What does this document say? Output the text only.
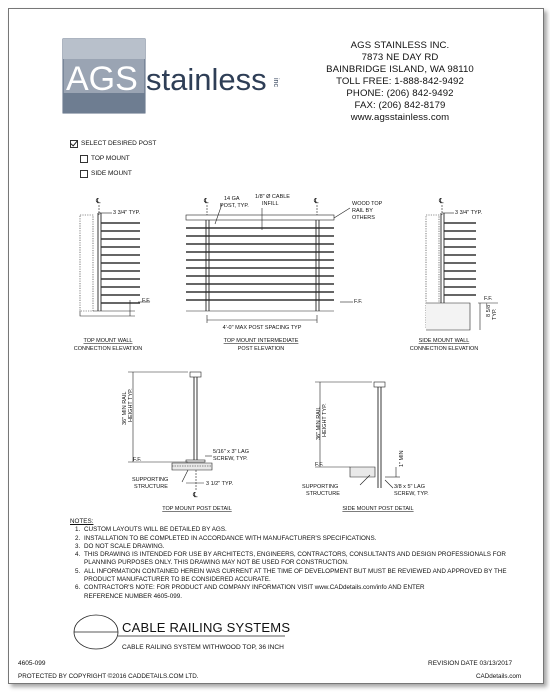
AGS stainless inc
AGS STAINLESS INC.
7873 NE DAY RD
BAINBRIDGE ISLAND, WA 98110
TOLL FREE: 1-888-842-9492
PHONE: (206) 842-9492
FAX: (206) 842-8179
www.agsstainless.com
SELECT DESIRED POST
TOP MOUNT
SIDE MOUNT
℄
3 3/4" TYP.
F.F.
TOP MOUNT WALL
CONNECTION ELEVATION
℄	℄
14 GA
POST, TYP.
1/8" Ø CABLE
INFILL	WOOD TOP
RAIL BY
OTHERS
F.F.
4'-0" MAX POST SPACING TYP
TOP MOUNT INTERMEDIATE
POST ELEVATION
℄
3 3/4" TYP.
F.F.
8 5/8" TYP.
SIDE MOUNT WALL
CONNECTION ELEVATION
36" MIN RAIL HEIGHT TYP.
5/16" x 3" LAG
SCREW, TYP.
F.F.
SUPPORTING
STRUCTURE	3 1/2" TYP.
℄
TOP MOUNT POST DETAIL
36" MIN RAIL HEIGHT TYP.
1" MIN
F.F.
SUPPORTING
STRUCTURE
3/8 x 5" LAG
SCREW, TYP.
SIDE MOUNT POST DETAIL
NOTES:
1. CUSTOM LAYOUTS WILL BE DETAILED BY AGS.
2. INSTALLATION TO BE COMPLETED IN ACCORDANCE WITH MANUFACTURER'S SPECIFICATIONS.
3. DO NOT SCALE DRAWING.
4. THIS DRAWING IS INTENDED FOR USE BY ARCHITECTS, ENGINEERS, CONTRACTORS, CONSULTANTS AND DESIGN PROFESSIONALS FOR PLANNING PURPOSES ONLY. THIS DRAWING MAY NOT BE USED FOR CONSTRUCTION.
5. ALL INFORMATION CONTAINED HEREIN WAS CURRENT AT THE TIME OF DEVELOPMENT BUT MUST BE REVIEWED AND APPROVED BY THE PRODUCT MANUFACTURER TO BE CONSIDERED ACCURATE.
6. CONTRACTOR'S NOTE: FOR PRODUCT AND COMPANY INFORMATION VISIT www.CADdetails.com/info AND ENTER
REFERENCE NUMBER 4605-099.
CABLE RAILING SYSTEMS
CABLE RAILING SYSTEM WITHWOOD TOP, 36 INCH
4605-099	REVISION DATE 03/13/2017
PROTECTED BY COPYRIGHT ©2016 CADDETAILS.COM LTD.	CADdetails.com
